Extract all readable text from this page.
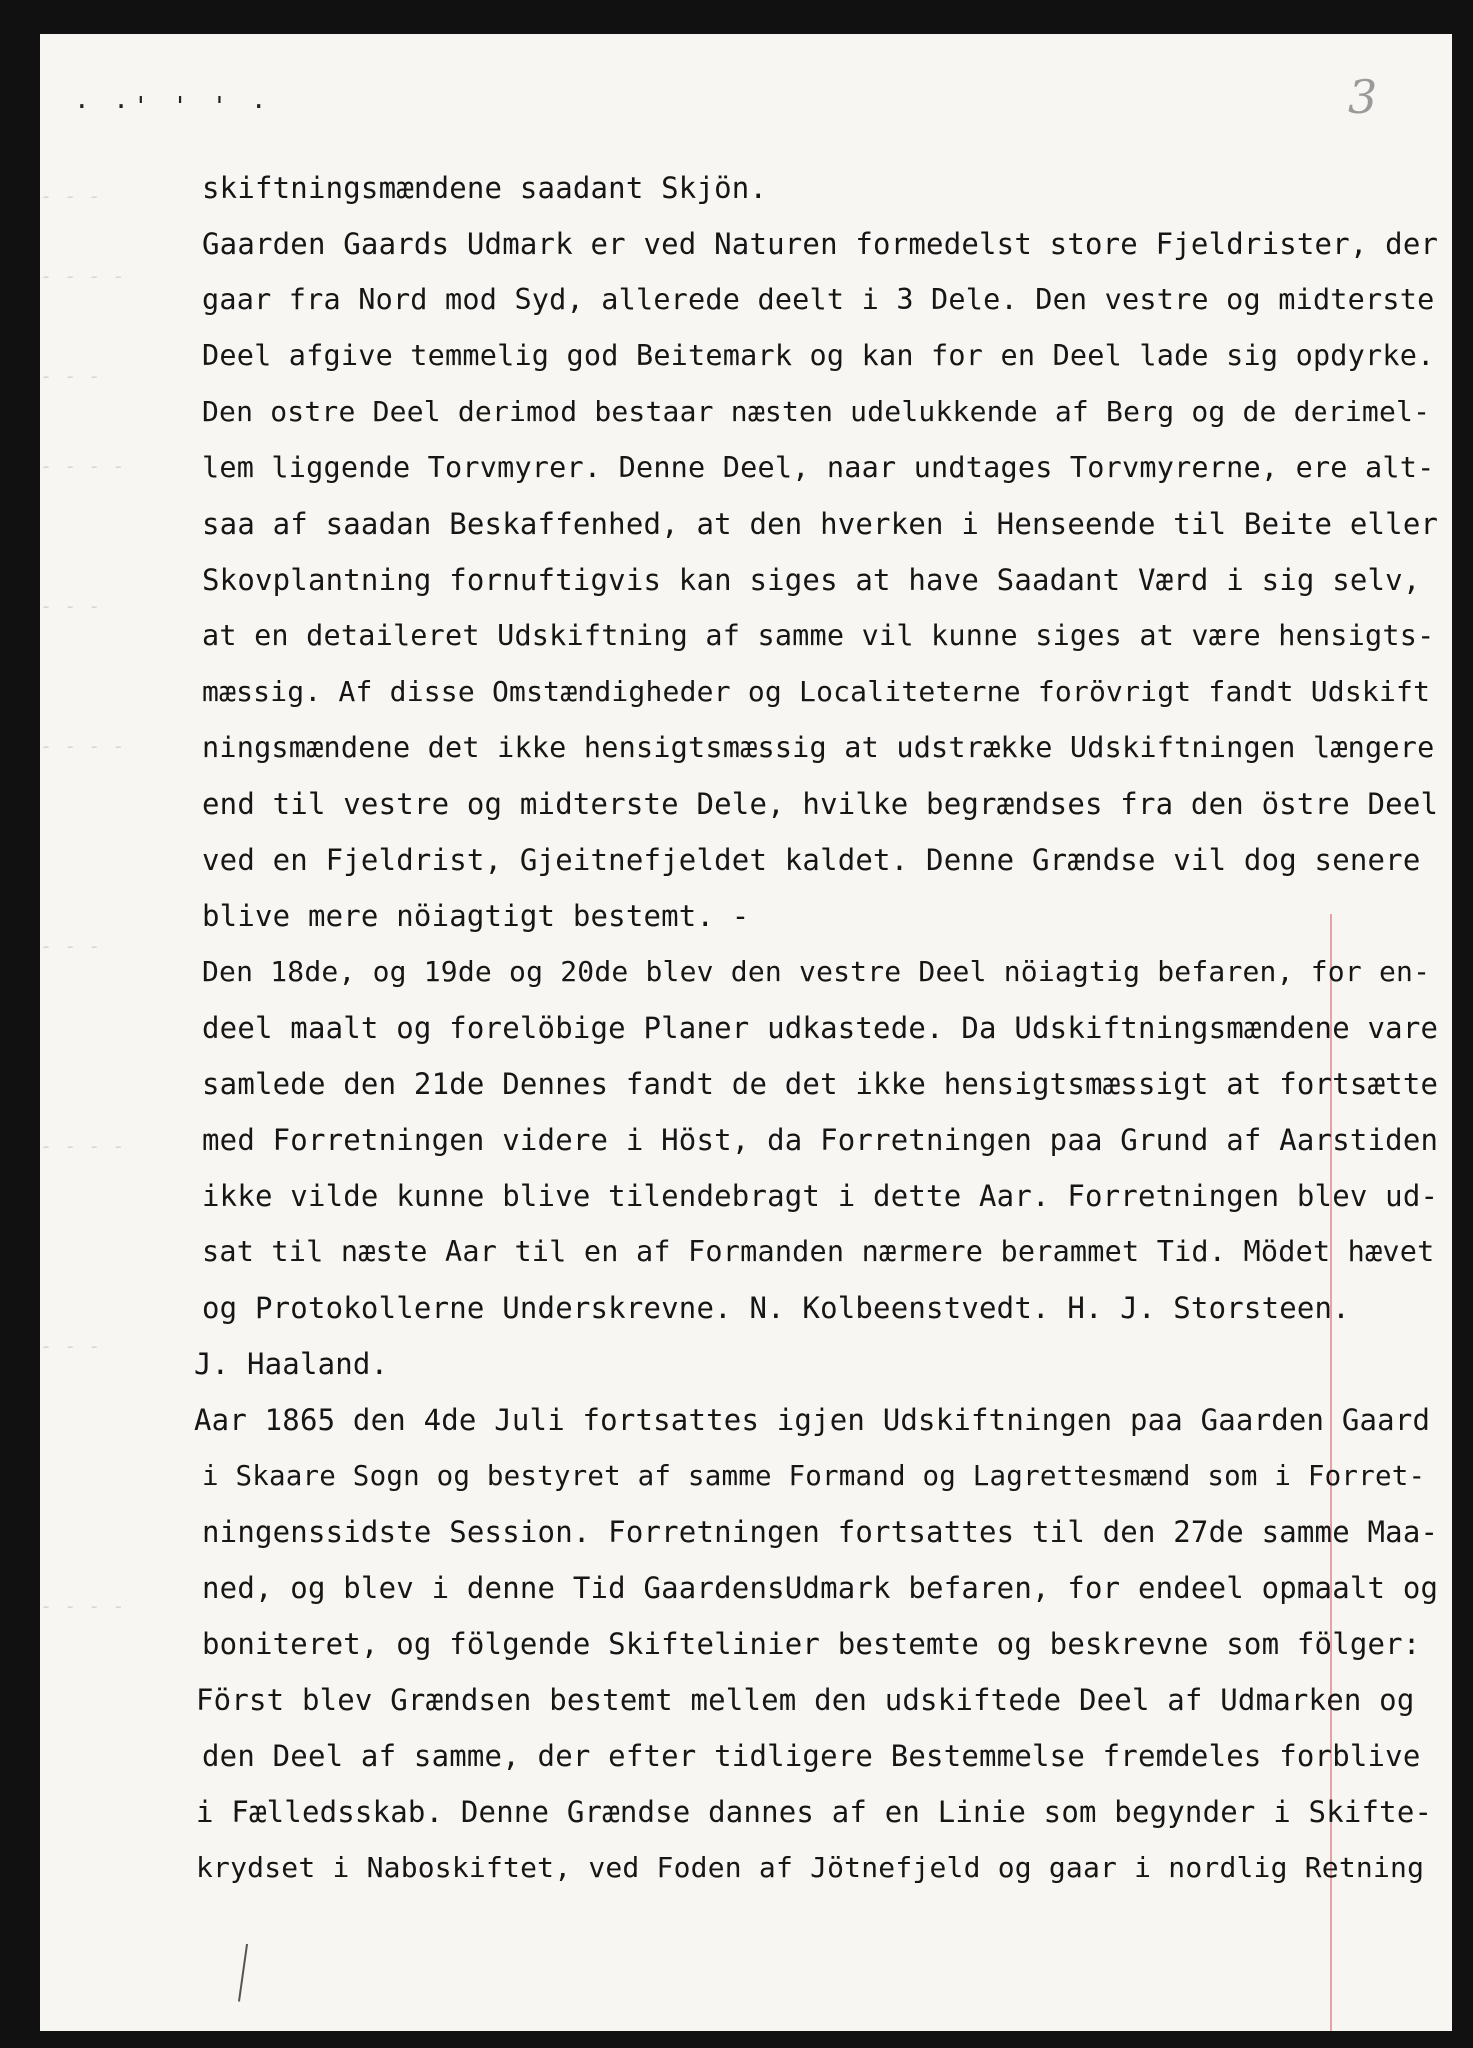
3
· ·' ' ' ·
- - -
- - - -
- - -
- - - -
- - -
- - - -
- - -
- - - -
- - -
- - - -
skiftningsmændene saadant Skjön.
Gaarden Gaards Udmark er ved Naturen formedelst store Fjeldrister, der
gaar fra Nord mod Syd, allerede deelt i 3 Dele. Den vestre og midterste
Deel afgive temmelig god Beitemark og kan for en Deel lade sig opdyrke.
Den ostre Deel derimod bestaar næsten udelukkende af Berg og de derimel-
lem liggende Torvmyrer. Denne Deel, naar undtages Torvmyrerne, ere alt-
saa af saadan Beskaffenhed, at den hverken i Henseende til Beite eller
Skovplantning fornuftigvis kan siges at have Saadant Værd i sig selv,
at en detaileret Udskiftning af samme vil kunne siges at være hensigts-
mæssig. Af disse Omstændigheder og Localiteterne forövrigt fandt Udskift
ningsmændene det ikke hensigtsmæssig at udstrække Udskiftningen længere
end til vestre og midterste Dele, hvilke begrændses fra den östre Deel
ved en Fjeldrist, Gjeitnefjeldet kaldet. Denne Grændse vil dog senere
blive mere nöiagtigt bestemt. -
Den 18de, og 19de og 20de blev den vestre Deel nöiagtig befaren, for en-
deel maalt og forelöbige Planer udkastede. Da Udskiftningsmændene vare
samlede den 21de Dennes fandt de det ikke hensigtsmæssigt at fortsætte
med Forretningen videre i Höst, da Forretningen paa Grund af Aarstiden
ikke vilde kunne blive tilendebragt i dette Aar. Forretningen blev ud-
sat til næste Aar til en af Formanden nærmere berammet Tid. Mödet hævet
og Protokollerne Underskrevne. N. Kolbeenstvedt. H. J. Storsteen.
J. Haaland.
Aar 1865 den 4de Juli fortsattes igjen Udskiftningen paa Gaarden Gaard
i Skaare Sogn og bestyret af samme Formand og Lagrettesmænd som i Forret-
ningenssidste Session. Forretningen fortsattes til den 27de samme Maa-
ned, og blev i denne Tid GaardensUdmark befaren, for endeel opmaalt og
boniteret, og fölgende Skiftelinier bestemte og beskrevne som fölger:
Först blev Grændsen bestemt mellem den udskiftede Deel af Udmarken og
den Deel af samme, der efter tidligere Bestemmelse fremdeles forblive
i Fælledsskab. Denne Grændse dannes af en Linie som begynder i Skifte-
krydset i Naboskiftet, ved Foden af Jötnefjeld og gaar i nordlig Retning
